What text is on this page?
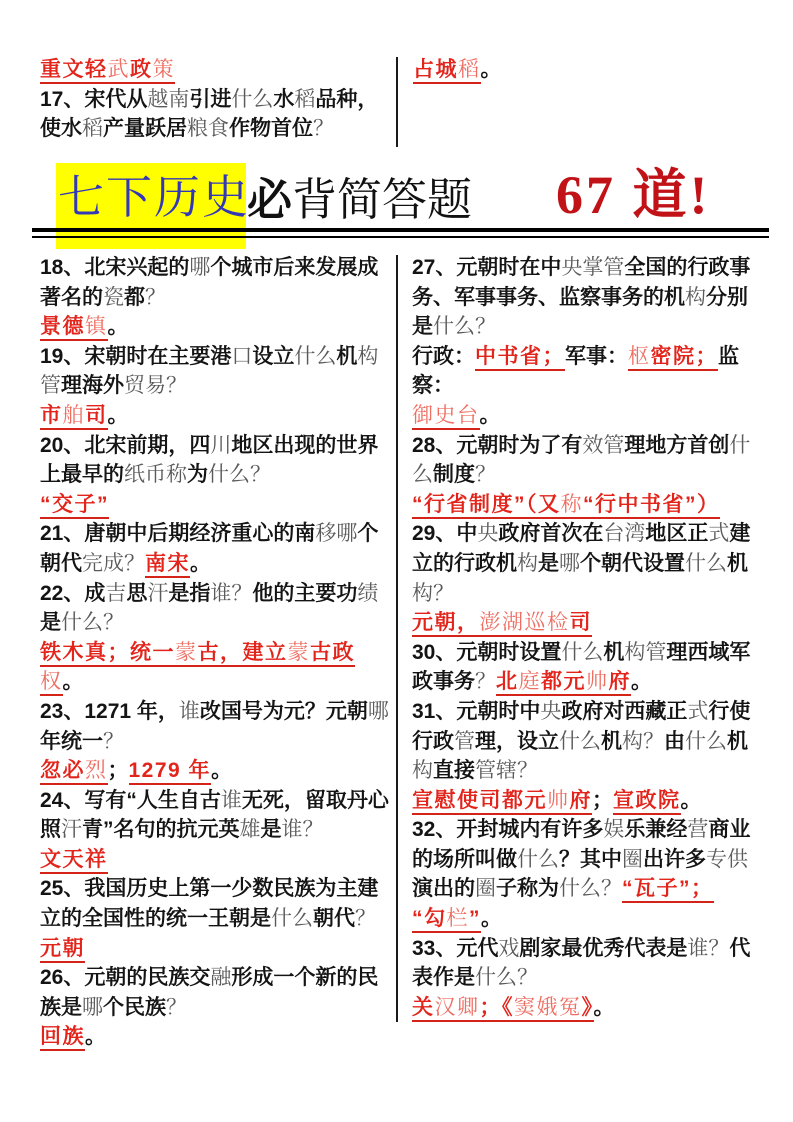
重文轻武政策

17、宋代从越南引进什么水稻品种，使水稻产量跃居粮食作物首位？

占城稻。

七下历史
必背简答题 67 道!

18、北宋兴起的哪个城市后来发展成著名的瓷都？

景德镇。

19、宋朝时在主要港口设立什么机构管理海外贸易？

市舶司。

20、北宋前期，四川地区出现的世界上最早的纸币称为什么？

“交子”

21、唐朝中后期经济重心的南移哪个朝代完成？南宋。

22、成吉思汗是指谁？他的主要功绩是什么？

铁木真；统一蒙古，建立蒙古政权。

23、1271 年，谁改国号为元？元朝哪年统一？

忽必烈；1279 年。

24、写有“人生自古谁无死，留取丹心照汗青”名句的抗元英雄是谁？

文天祥

25、我国历史上第一少数民族为主建立的全国性的统一王朝是什么朝代？

元朝

26、元朝的民族交融形成一个新的民族是哪个民族？

回族。

27、元朝时在中央掌管全国的行政事务、军事事务、监察事务的机构分别是什么？

行政：中书省；军事：枢密院；监察：
御史台。

28、元朝时为了有效管理地方首创什么制度？

“行省制度”（又称“行中书省”）

29、中央政府首次在台湾地区正式建立的行政机构是哪个朝代设置什么机构？

元朝，澎湖巡检司

30、元朝时设置什么机构管理西域军政事务？北庭都元帅府。

31、元朝时中央政府对西藏正式行使行政管理，设立什么机构？由什么机构直接管辖？

宣慰使司都元帅府；宣政院。

32、开封城内有许多娱乐兼经营商业的场所叫做什么？其中圈出许多专供演出的圈子称为什么？“瓦子”；
“勾栏”。

33、元代戏剧家最优秀代表是谁？代表作是什么？

关汉卿；《窦娥冤》。
